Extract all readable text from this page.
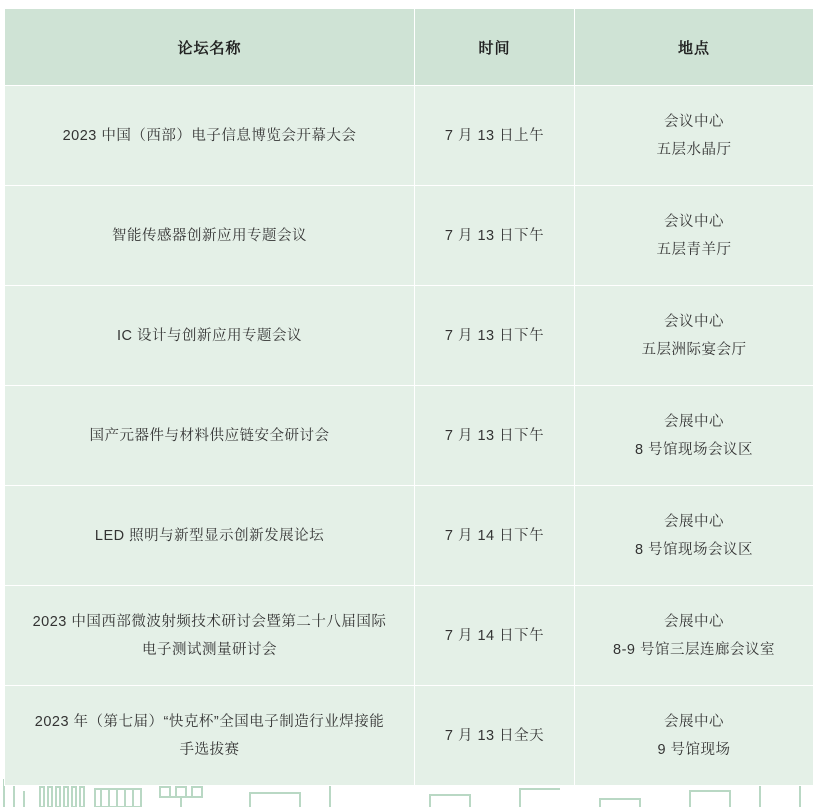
论坛名称	时间	地点
2023 中国（西部）电子信息博览会开幕大会	7 月 13 日上午	会议中心
五层水晶厅

智能传感器创新应用专题会议	7 月 13 日下午	会议中心
五层青羊厅

IC 设计与创新应用专题会议	7 月 13 日下午	会议中心
五层洲际宴会厅

国产元器件与材料供应链安全研讨会	7 月 13 日下午	会展中心
8 号馆现场会议区

LED 照明与新型显示创新发展论坛	7 月 14 日下午	会展中心
8 号馆现场会议区

2023 中国西部微波射频技术研讨会暨第二十八届国际电子测试测量研讨会	7 月 14 日下午	会展中心
8-9 号馆三层连廊会议室

2023 年（第七届）“快克杯”全国电子制造行业焊接能手选拔赛	7 月 13 日全天	会展中心
9 号馆现场
